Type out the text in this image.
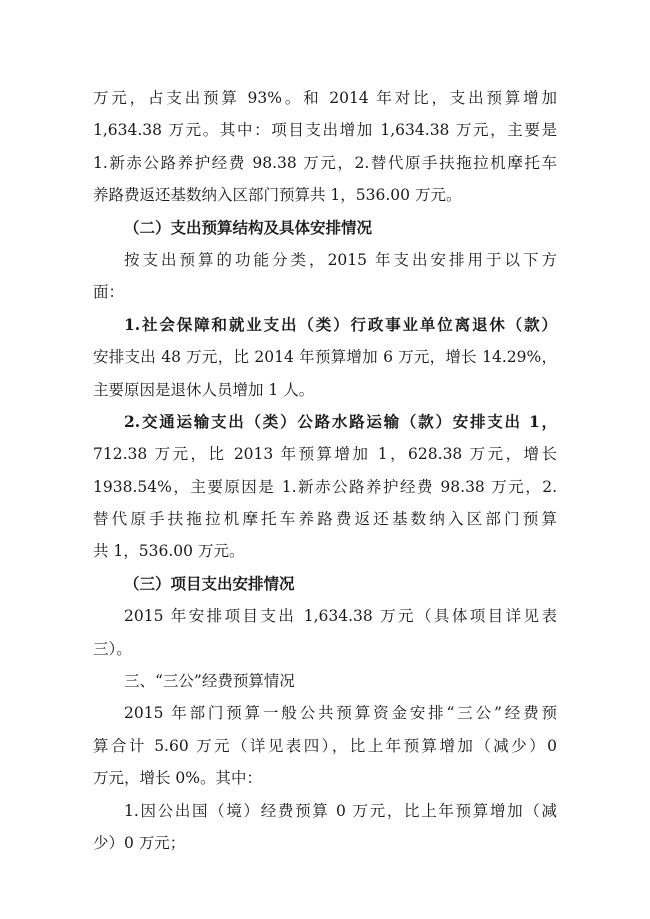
万元，占支出预算 93%。和 2014 年对比，支出预算增加
1,634.38 万元。其中：项目支出增加 1,634.38 万元，主要是
1.新赤公路养护经费 98.38 万元，2.替代原手扶拖拉机摩托车
养路费返还基数纳入区部门预算共 1，536.00 万元。
（二）支出预算结构及具体安排情况
按支出预算的功能分类，2015 年支出安排用于以下方
面：
1.社会保障和就业支出（类）行政事业单位离退休（款）
安排支出 48 万元，比 2014 年预算增加 6 万元，增长 14.29%，
主要原因是退休人员增加 1 人。
2.交通运输支出（类）公路水路运输（款）安排支出 1，
712.38 万元，比 2013 年预算增加 1，628.38 万元，增长
1938.54%，主要原因是 1.新赤公路养护经费 98.38 万元，2.
替代原手扶拖拉机摩托车养路费返还基数纳入区部门预算
共 1，536.00 万元。
（三）项目支出安排情况
2015 年安排项目支出 1,634.38 万元（具体项目详见表
三）。
三、“三公”经费预算情况
2015 年部门预算一般公共预算资金安排“三公”经费预
算合计 5.60 万元（详见表四），比上年预算增加（减少）0
万元，增长 0%。其中：
1.因公出国（境）经费预算 0 万元，比上年预算增加（减
少）0 万元；
